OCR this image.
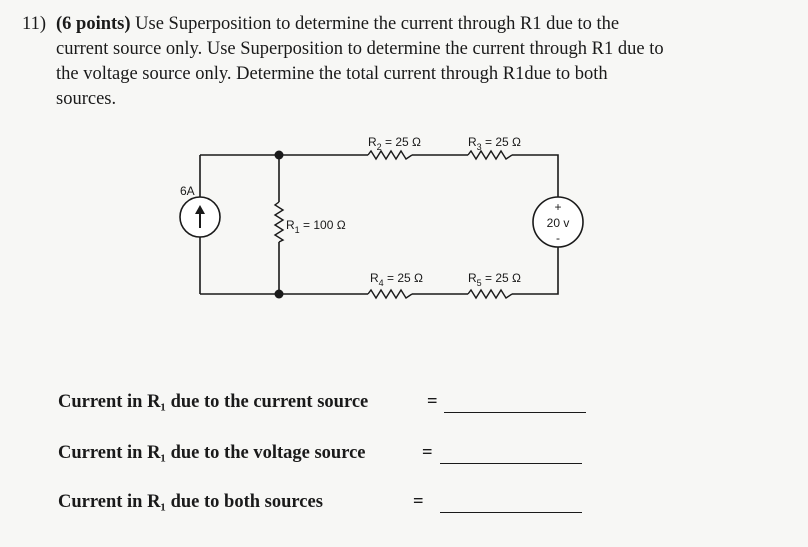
11) (6 points) Use Superposition to determine the current through R1 due to the
current source only. Use Superposition to determine the current through R1 due to
the voltage source only. Determine the total current through R1due to both
sources.
6A
$R_1 = 100$ Ω
$R_2 = 25$ Ω	$R_3 = 25$ Ω
$R_4 = 25$ Ω	$R_5 = 25$ Ω
+
20 v
-
Current in R₁ due to the current source	=
Current in R₁ due to the voltage source	=
Current in R₁ due to both sources	=
